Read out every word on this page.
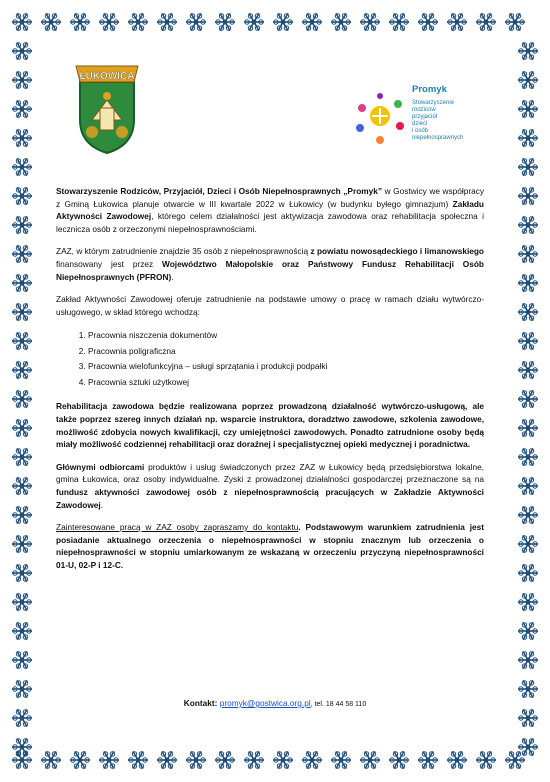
ŁUKOWICA
Promyk
Stowarzyszenie
rodziców
przyjaciół
dzieci
i osób
niepełnosprawnych

Stowarzyszenie Rodziców, Przyjaciół, Dzieci i Osób Niepełnosprawnych „Promyk” w Gostwicy we współpracy z Gminą Łukowica planuje otwarcie w III kwartale 2022 w Łukowicy (w budynku byłego gimnazjum) Zakładu Aktywności Zawodowej, którego celem działalności jest aktywizacja zawodowa oraz rehabilitacja społeczna i lecznicza osób z orzeczonymi niepełnosprawnościami.

ZAZ, w którym zatrudnienie znajdzie 35 osób z niepełnosprawnością z powiatu nowosądeckiego i limanowskiego finansowany jest przez Województwo Małopolskie oraz Państwowy Fundusz Rehabilitacji Osób Niepełnosprawnych (PFRON).

Zakład Aktywności Zawodowej oferuje zatrudnienie na podstawie umowy o pracę w ramach działu wytwórczo-usługowego, w skład którego wchodzą:

1. Pracownia niszczenia dokumentów
2. Pracownia poligraficzna
3. Pracownia wielofunkcyjna – usługi sprzątania i produkcji podpałki
4. Pracownia sztuki użytkowej

Rehabilitacja zawodowa będzie realizowana poprzez prowadzoną działalność wytwórczo-usługową, ale także poprzez szereg innych działań np. wsparcie instruktora, doradztwo zawodowe, szkolenia zawodowe, możliwość zdobycia nowych kwalifikacji, czy umiejętności zawodowych. Ponadto zatrudnione osoby będą miały możliwość codziennej rehabilitacji oraz doraźnej i specjalistycznej opieki medycznej i poradnictwa.

Głównymi odbiorcami produktów i usług świadczonych przez ZAZ w Łukowicy będą przedsiębiorstwa lokalne, gmina Łukowica, oraz osoby indywidualne. Zyski z prowadzonej działalności gospodarczej przeznaczone są na fundusz aktywności zawodowej osób z niepełnosprawnością pracujących w Zakładzie Aktywności Zawodowej.

Zainteresowane pracą w ZAZ osoby zapraszamy do kontaktu. Podstawowym warunkiem zatrudnienia jest posiadanie aktualnego orzeczenia o niepełnosprawności w stopniu znacznym lub orzeczenia o niepełnosprawności w stopniu umiarkowanym ze wskazaną w orzeczeniu przyczyną niepełnosprawności 01-U, 02-P i 12-C.

Kontakt: promyk@gostwica.org.pl, tel. 18 44 58 110
